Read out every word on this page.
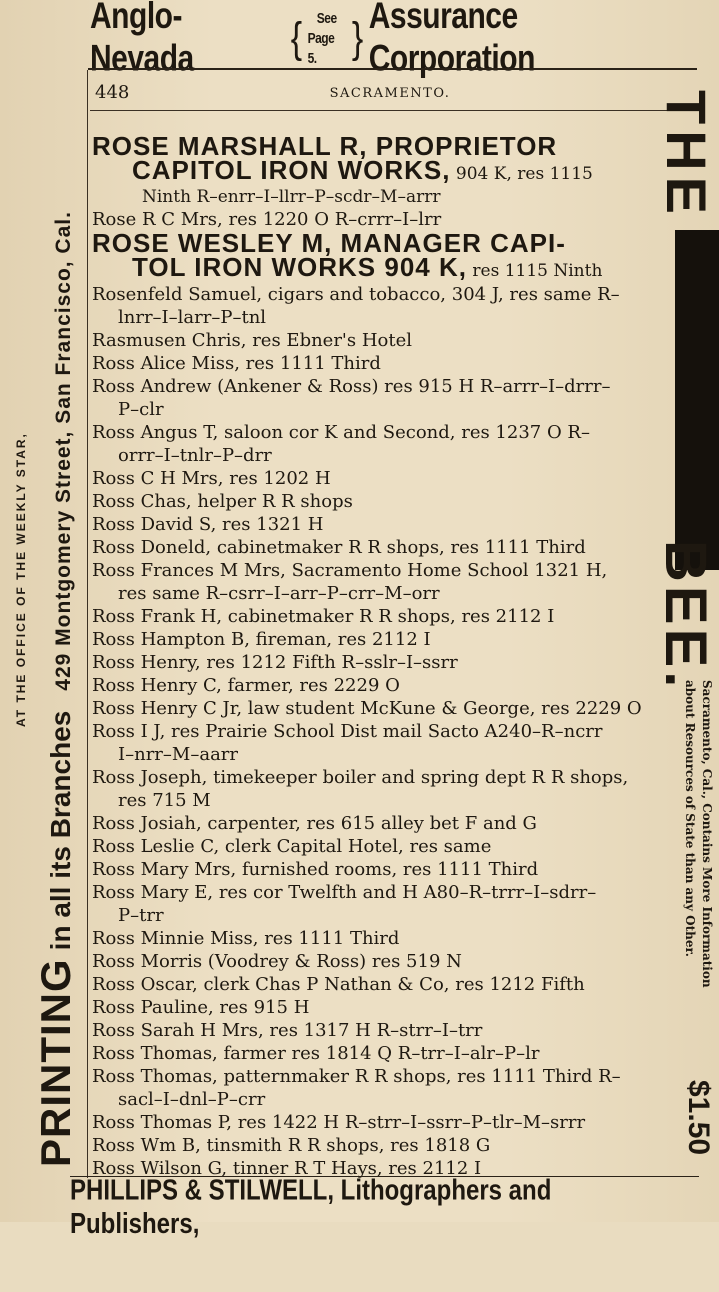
Anglo-Nevada	{ See
Page 5.	} Assurance Corporation
448	SACRAMENTO.
ROSE MARSHALL R, PROPRIETOR
CAPITOL IRON WORKS, 904 K, res 1115
Ninth R–enrr–I–llrr–P–scdr–M–arrr
Rose R C Mrs, res 1220 O R–crrr–I–lrr
ROSE WESLEY M, MANAGER CAPI-
TOL IRON WORKS 904 K, res 1115 Ninth
Rosenfeld Samuel, cigars and tobacco, 304 J, res same R–
lnrr–I–larr–P–tnl
Rasmusen Chris, res Ebner's Hotel
Ross Alice Miss, res 1111 Third
Ross Andrew (Ankener & Ross) res 915 H R–arrr–I–drrr–
P–clr
Ross Angus T, saloon cor K and Second, res 1237 O R–
orrr–I–tnlr–P–drr
Ross C H Mrs, res 1202 H
Ross Chas, helper R R shops
Ross David S, res 1321 H
Ross Doneld, cabinetmaker R R shops, res 1111 Third
Ross Frances M Mrs, Sacramento Home School 1321 H,
res same R–csrr–I–arr–P–crr–M–orr
Ross Frank H, cabinetmaker R R shops, res 2112 I
Ross Hampton B, fireman, res 2112 I
Ross Henry, res 1212 Fifth R–sslr–I–ssrr
Ross Henry C, farmer, res 2229 O
Ross Henry C Jr, law student McKune & George, res 2229 O
Ross I J, res Prairie School Dist mail Sacto A240–R–ncrr
I–nrr–M–aarr
Ross Joseph, timekeeper boiler and spring dept R R shops,
res 715 M
Ross Josiah, carpenter, res 615 alley bet F and G
Ross Leslie C, clerk Capital Hotel, res same
Ross Mary Mrs, furnished rooms, res 1111 Third
Ross Mary E, res cor Twelfth and H A80–R–trrr–I–sdrr–
P–trr
Ross Minnie Miss, res 1111 Third
Ross Morris (Voodrey & Ross) res 519 N
Ross Oscar, clerk Chas P Nathan & Co, res 1212 Fifth
Ross Pauline, res 915 H
Ross Sarah H Mrs, res 1317 H R–strr–I–trr
Ross Thomas, farmer res 1814 Q R–trr–I–alr–P–lr
Ross Thomas, patternmaker R R shops, res 1111 Third R–
sacl–I–dnl–P–crr
Ross Thomas P, res 1422 H R–strr–I–ssrr–P–tlr–M–srrr
Ross Wm B, tinsmith R R shops, res 1818 G
Ross Wilson G, tinner R T Hays, res 2112 I
PHILLIPS & STILWELL, Lithographers and Publishers,
AT THE OFFICE OF THE WEEKLY STAR,
PRINTING
in all its Branches
429 Montgomery Street, San Francisco, Cal.
THE
BEE.
Sacramento, Cal., Contains More Information
about Resources of State than any Other.
$1.50
